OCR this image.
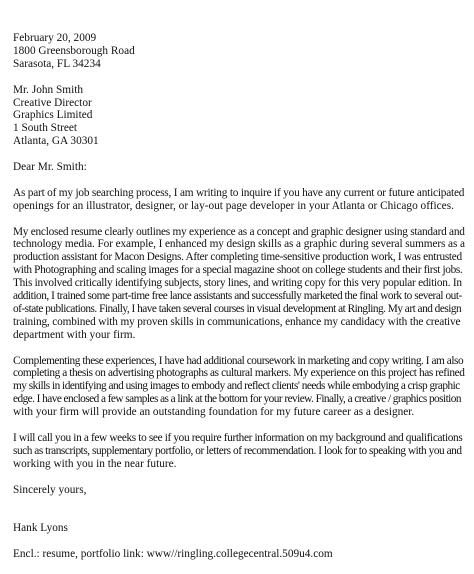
February 20, 2009
1800 Greensborough Road
Sarasota, FL 34234
Mr. John Smith
Creative Director
Graphics Limited
1 South Street
Atlanta, GA 30301
Dear Mr. Smith:
As part of my job searching process, I am writing to inquire if you have any current or future anticipated
openings for an illustrator, designer, or lay-out page developer in your Atlanta or Chicago offices.
My enclosed resume clearly outlines my experience as a concept and graphic designer using standard and
technology media. For example, I enhanced my design skills as a graphic during several summers as a
production assistant for Macon Designs. After completing time-sensitive production work, I was entrusted
with Photographing and scaling images for a special magazine shoot on college students and their first jobs.
This involved critically identifying subjects, story lines, and writing copy for this very popular edition. In
addition, I trained some part-time free lance assistants and successfully marketed the final work to several out-
of-state publications. Finally, I have taken several courses in visual development at Ringling. My art and design
training, combined with my proven skills in communications, enhance my candidacy with the creative
department with your firm.
Complementing these experiences, I have had additional coursework in marketing and copy writing. I am also
completing a thesis on advertising photographs as cultural markers. My experience on this project has refined
my skills in identifying and using images to embody and reflect clients' needs while embodying a crisp graphic
edge. I have enclosed a few samples as a link at the bottom for your review. Finally, a creative / graphics position
with your firm will provide an outstanding foundation for my future career as a designer.
I will call you in a few weeks to see if you require further information on my background and qualifications
such as transcripts, supplementary portfolio, or letters of recommendation. I look for to speaking with you and
working with you in the near future.
Sincerely yours,
Hank Lyons
Encl.: resume, portfolio link: www//ringling.collegecentral.509u4.com
